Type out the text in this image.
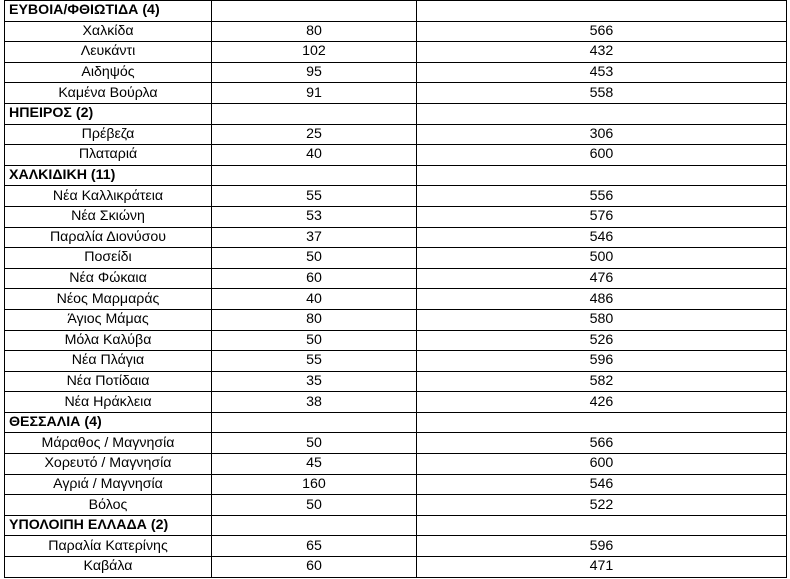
ΕΥΒΟΙΑ/ΦΘΙΩΤΙΔΑ (4)		
Χαλκίδα	80	566
Λευκάντι	102	432
Αιδηψός	95	453
Καμένα Βούρλα	91	558
ΗΠΕΙΡΟΣ (2)		
Πρέβεζα	25	306
Πλαταριά	40	600
ΧΑΛΚΙΔΙΚΗ (11)		
Νέα Καλλικράτεια	55	556
Νέα Σκιώνη	53	576
Παραλία Διονύσου	37	546
Ποσείδι	50	500
Νέα Φώκαια	60	476
Νέος Μαρμαράς	40	486
Άγιος Μάμας	80	580
Μόλα Καλύβα	50	526
Νέα Πλάγια	55	596
Νέα Ποτίδαια	35	582
Νέα Ηράκλεια	38	426
ΘΕΣΣΑΛΙΑ (4)		
Μάραθος / Μαγνησία	50	566
Χορευτό / Μαγνησία	45	600
Αγριά / Μαγνησία	160	546
Βόλος	50	522
ΥΠΟΛΟΙΠΗ ΕΛΛΑΔΑ (2)		
Παραλία Κατερίνης	65	596
Καβάλα	60	471
